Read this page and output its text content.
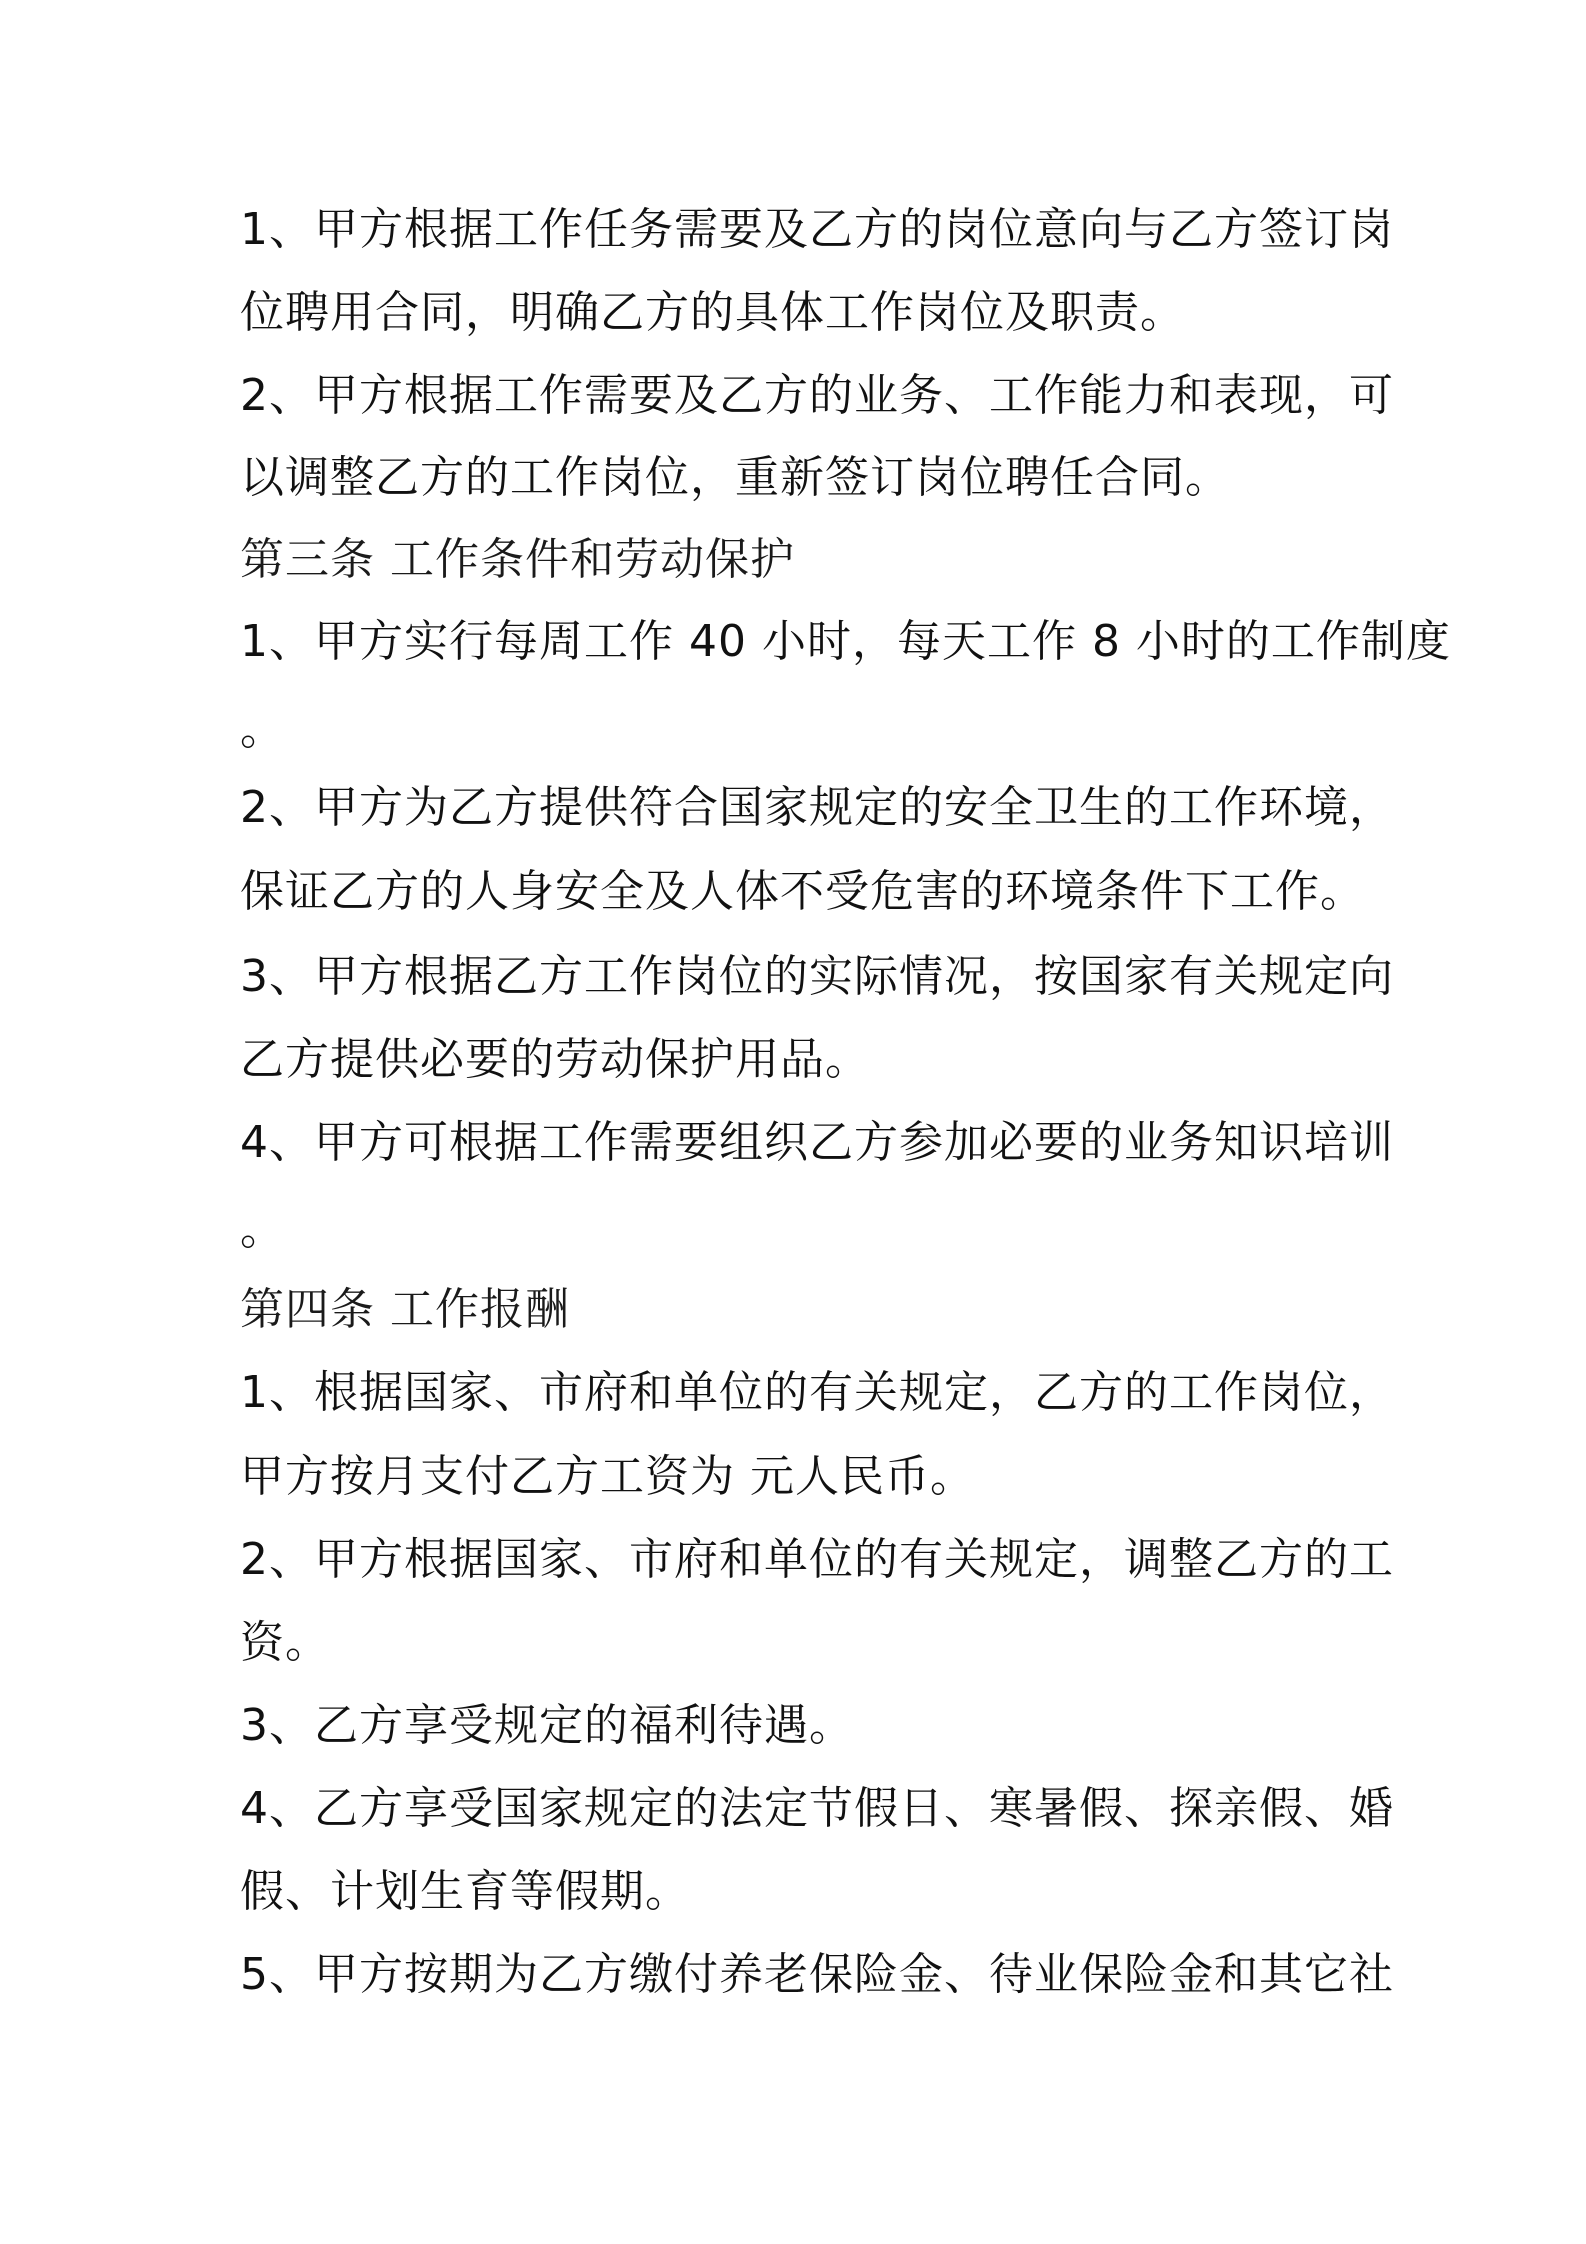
1、甲方根据工作任务需要及乙方的岗位意向与乙方签订岗
位聘用合同，明确乙方的具体工作岗位及职责。
2、甲方根据工作需要及乙方的业务、工作能力和表现，可
以调整乙方的工作岗位，重新签订岗位聘任合同。
第三条 工作条件和劳动保护
1、甲方实行每周工作 40 小时，每天工作 8 小时的工作制度
。
2、甲方为乙方提供符合国家规定的安全卫生的工作环境，
保证乙方的人身安全及人体不受危害的环境条件下工作。
3、甲方根据乙方工作岗位的实际情况，按国家有关规定向
乙方提供必要的劳动保护用品。
4、甲方可根据工作需要组织乙方参加必要的业务知识培训
。
第四条 工作报酬
1、根据国家、市府和单位的有关规定，乙方的工作岗位，
甲方按月支付乙方工资为 元人民币。
2、甲方根据国家、市府和单位的有关规定，调整乙方的工
资。
3、乙方享受规定的福利待遇。
4、乙方享受国家规定的法定节假日、寒暑假、探亲假、婚
假、计划生育等假期。
5、甲方按期为乙方缴付养老保险金、待业保险金和其它社
